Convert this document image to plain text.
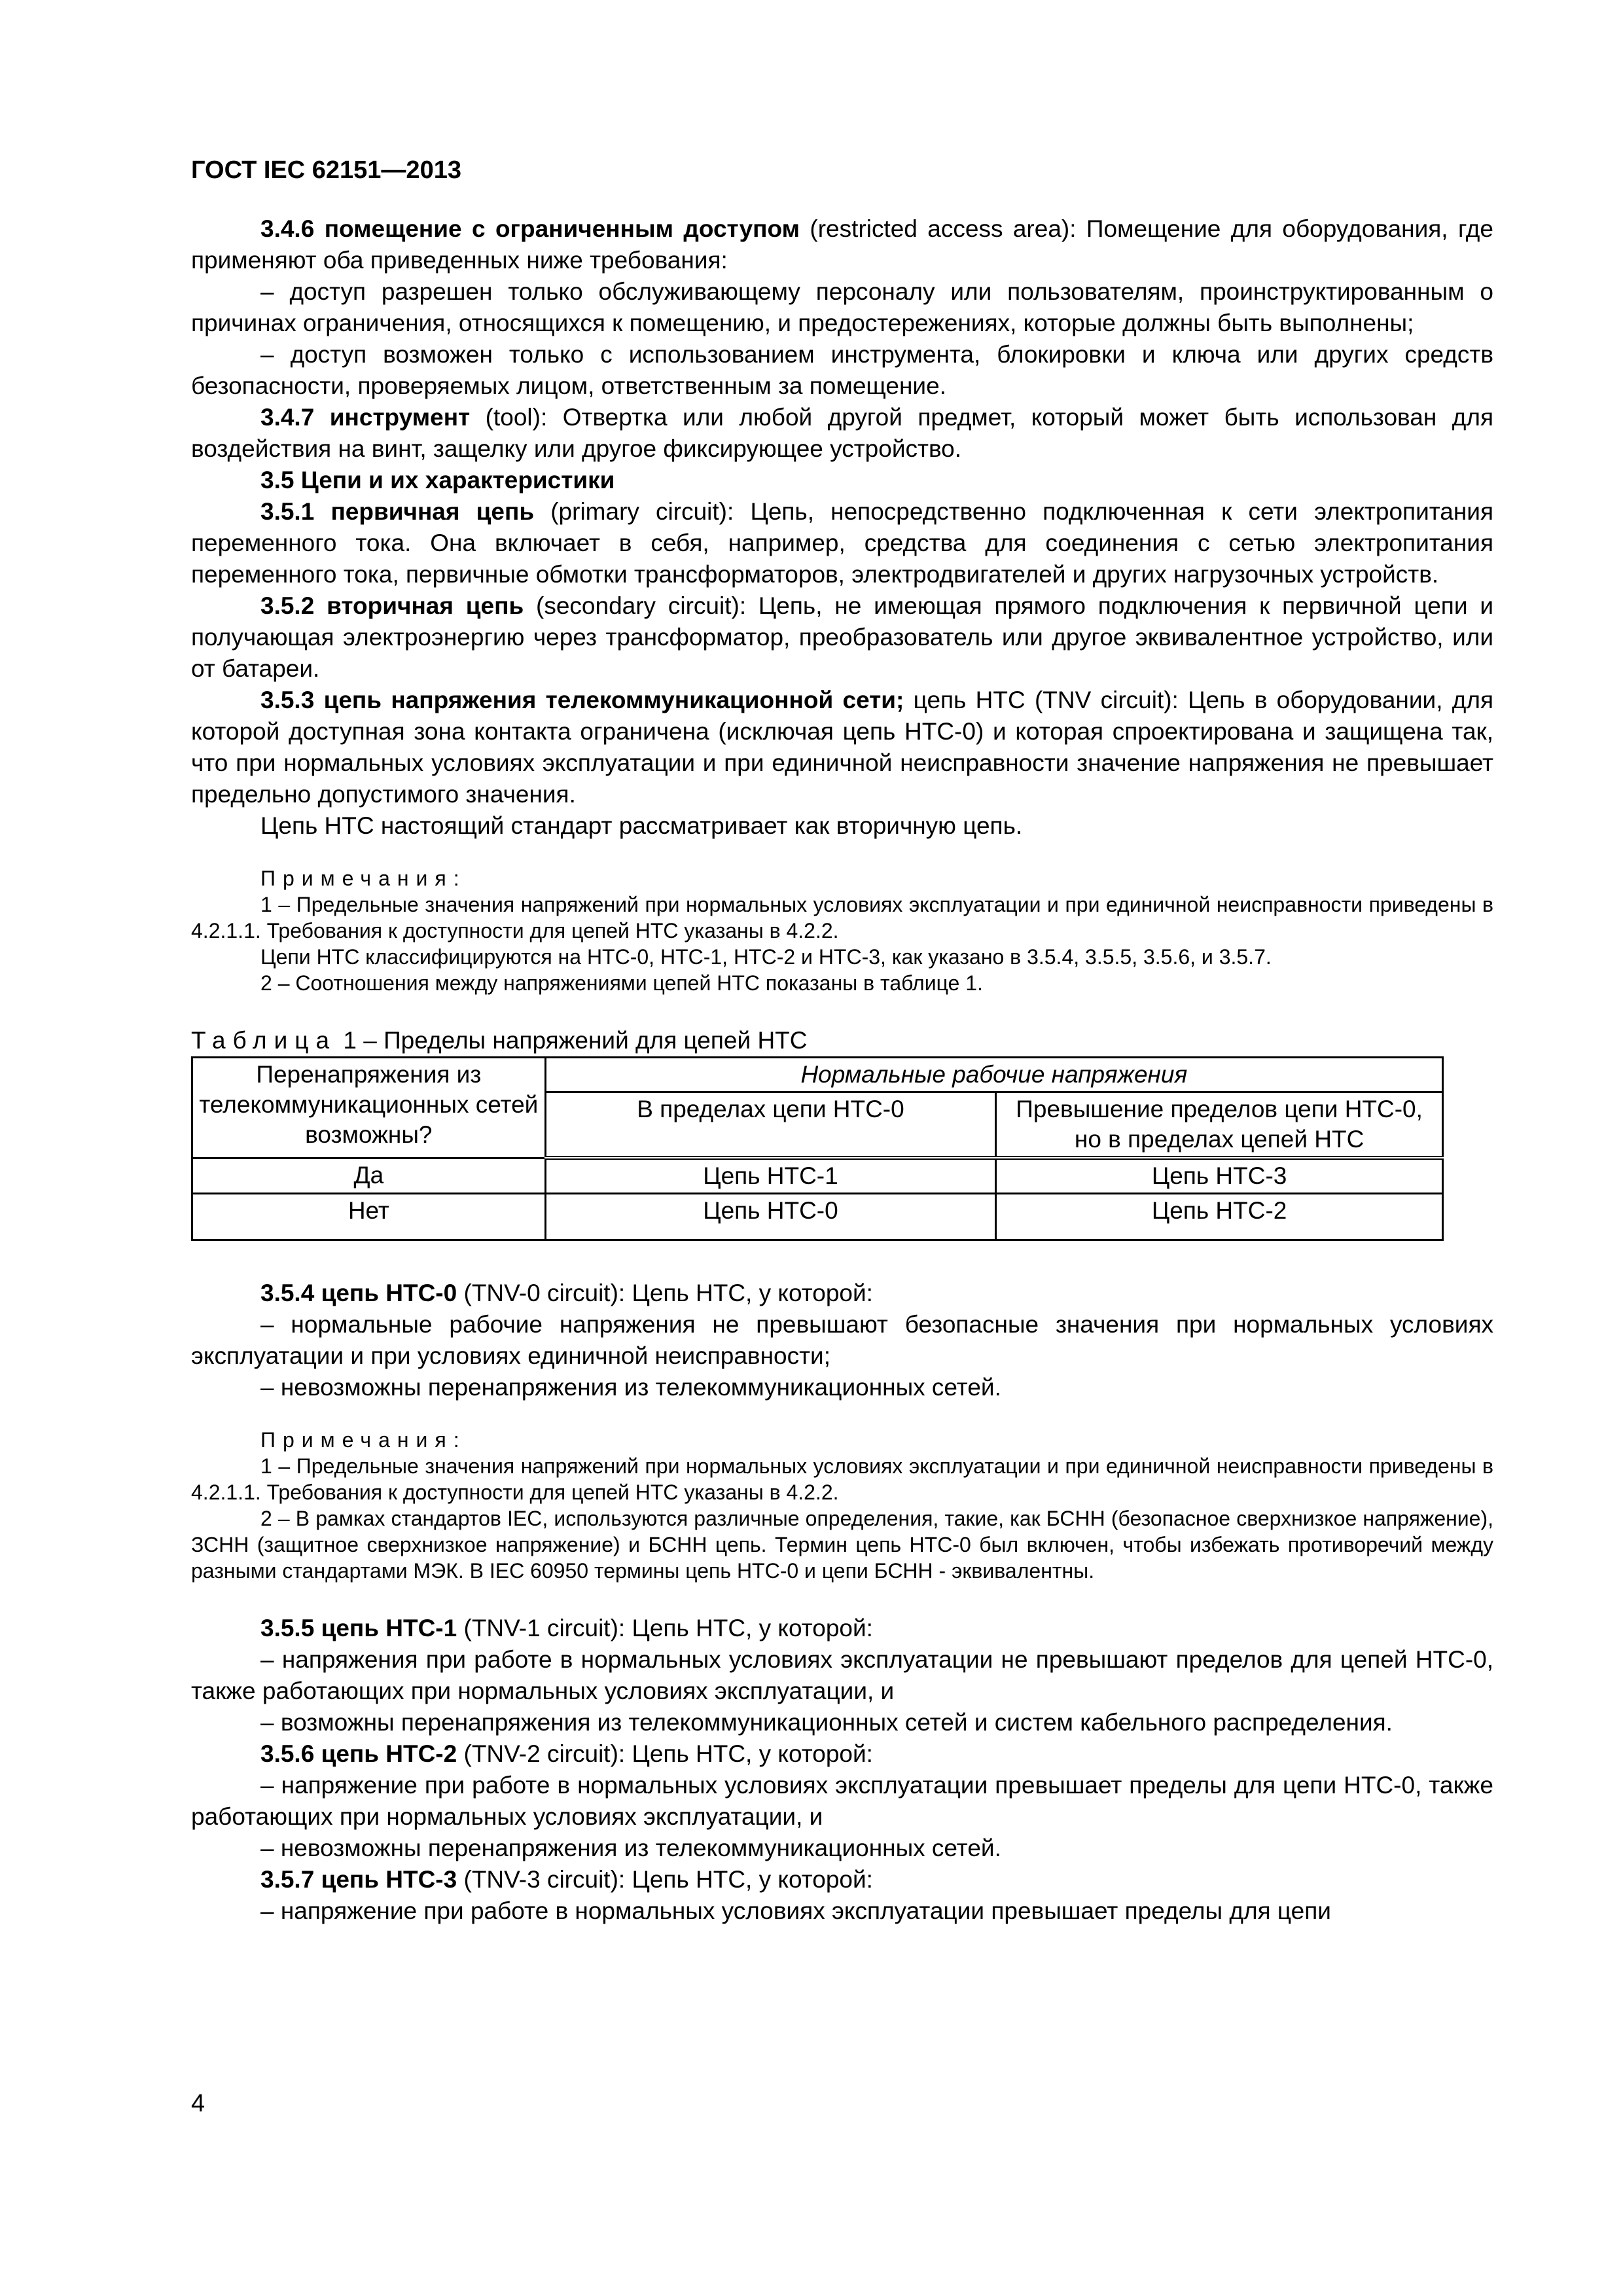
ГОСТ IEC 62151—2013

3.4.6 помещение с ограниченным доступом (restricted access area): Помещение для оборудования, где применяют оба приведенных ниже требования:

– доступ разрешен только обслуживающему персоналу или пользователям, проинструктированным о причинах ограничения, относящихся к помещению, и предостережениях, которые должны быть выполнены;

– доступ возможен только с использованием инструмента, блокировки и ключа или других средств безопасности, проверяемых лицом, ответственным за помещение.

3.4.7 инструмент (tool): Отвертка или любой другой предмет, который может быть использован для воздействия на винт, защелку или другое фиксирующее устройство.

3.5 Цепи и их характеристики

3.5.1 первичная цепь (primary circuit): Цепь, непосредственно подключенная к сети электропитания переменного тока. Она включает в себя, например, средства для соединения с сетью электропитания переменного тока, первичные обмотки трансформаторов, электродвигателей и других нагрузочных устройств.

3.5.2 вторичная цепь (secondary circuit): Цепь, не имеющая прямого подключения к первичной цепи и получающая электроэнергию через трансформатор, преобразователь или другое эквивалентное устройство, или от батареи.

3.5.3 цепь напряжения телекоммуникационной сети; цепь НТС (TNV circuit): Цепь в оборудовании, для которой доступная зона контакта ограничена (исключая цепь НТС-0) и которая спроектирована и защищена так, что при нормальных условиях эксплуатации и при единичной неисправности значение напряжения не превышает предельно допустимого значения.

Цепь НТС настоящий стандарт рассматривает как вторичную цепь.

Примечания:

1 – Предельные значения напряжений при нормальных условиях эксплуатации и при единичной неисправности приведены в 4.2.1.1. Требования к доступности для цепей НТС указаны в 4.2.2.

Цепи НТС классифицируются на НТС-0, НТС-1, НТС-2 и НТС-3, как указано в 3.5.4, 3.5.5, 3.5.6, и 3.5.7.

2 – Соотношения между напряжениями цепей НТС показаны в таблице 1.

Таблица 1 – Пределы напряжений для цепей НТС

Перенапряжения из телекоммуникационных сетей возможны?	Нормальные рабочие напряжения	
	В пределах цепи НТС-0	Превышение пределов цепи НТС-0, но в пределах цепей НТС
Да	Цепь НТС-1	Цепь НТС-3
Нет	Цепь НТС-0	Цепь НТС-2

3.5.4 цепь НТС-0 (TNV-0 circuit): Цепь НТС, у которой:

– нормальные рабочие напряжения не превышают безопасные значения при нормальных условиях эксплуатации и при условиях единичной неисправности;

– невозможны перенапряжения из телекоммуникационных сетей.

Примечания:

1 – Предельные значения напряжений при нормальных условиях эксплуатации и при единичной неисправности приведены в 4.2.1.1. Требования к доступности для цепей НТС указаны в 4.2.2.

2 – В рамках стандартов IEC, используются различные определения, такие, как БСНН (безопасное сверхнизкое напряжение), ЗСНН (защитное сверхнизкое напряжение) и БСНН цепь. Термин цепь НТС-0 был включен, чтобы избежать противоречий между разными стандартами МЭК. В IEC 60950 термины цепь НТС-0 и цепи БСНН - эквивалентны.

3.5.5 цепь НТС-1 (TNV-1 circuit): Цепь НТС, у которой:

– напряжения при работе в нормальных условиях эксплуатации не превышают пределов для цепей НТС-0, также работающих при нормальных условиях эксплуатации, и

– возможны перенапряжения из телекоммуникационных сетей и систем кабельного распределения.

3.5.6 цепь НТС-2 (TNV-2 circuit): Цепь НТС, у которой:

– напряжение при работе в нормальных условиях эксплуатации превышает пределы для цепи НТС-0, также работающих при нормальных условиях эксплуатации, и

– невозможны перенапряжения из телекоммуникационных сетей.

3.5.7 цепь НТС-3 (TNV-3 circuit): Цепь НТС, у которой:

– напряжение при работе в нормальных условиях эксплуатации превышает пределы для цепи

4
